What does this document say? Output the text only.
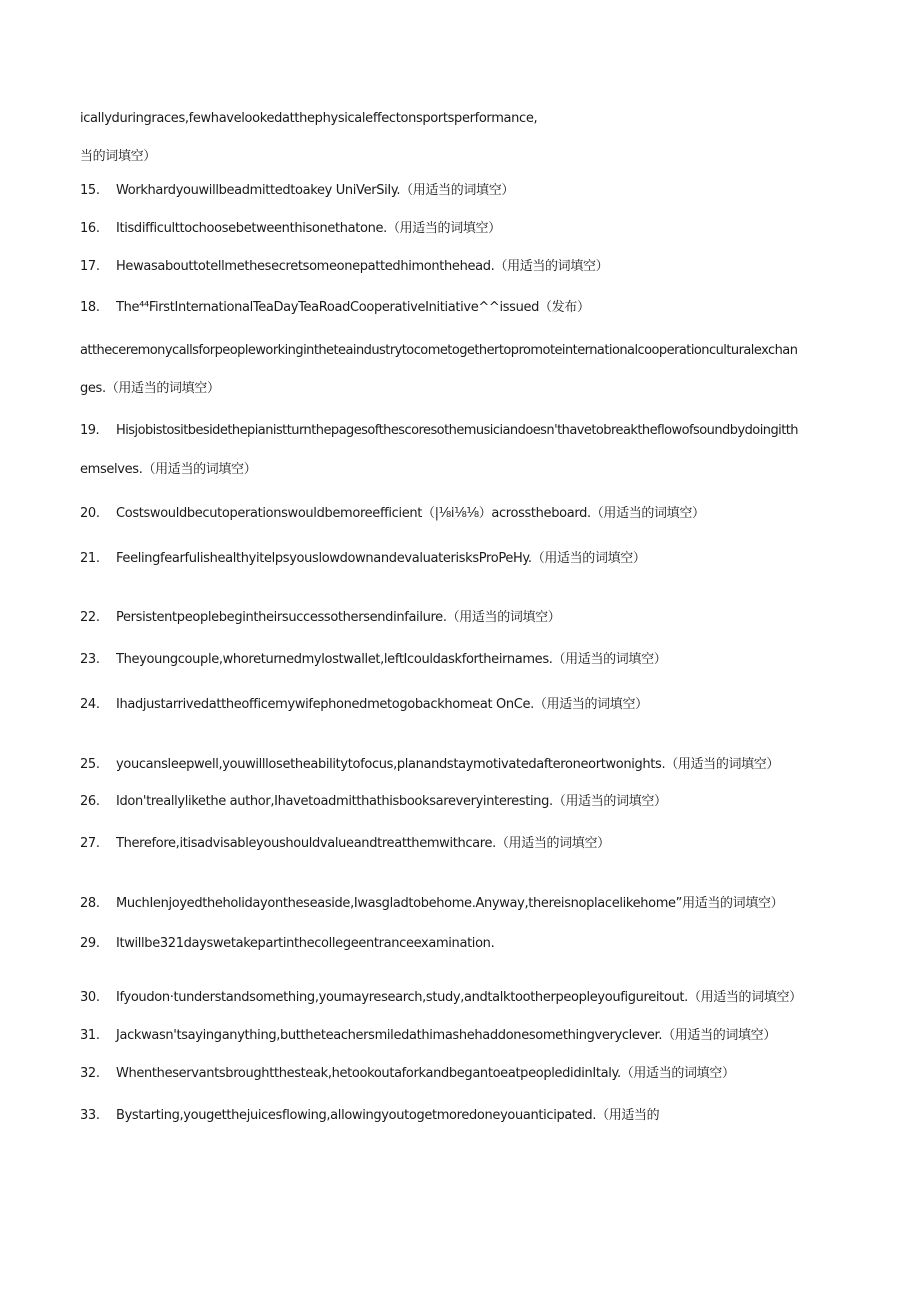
icallyduringraces,fewhavelookedatthephysicaleffectonsportsperformance,
当的词填空）
15. Workhardyouwillbeadmittedtoakey UniVerSiIy.（用适当的词填空）
16. Itisdifficulttochoosebetweenthisonethatone.（用适当的词填空）
17. Hewasabouttotellmethesecretsomeonepattedhimonthehead.（用适当的词填空）
18. The⁴⁴FirstInternationalTeaDayTeaRoadCooperativeInitiative^^issued（发布）
attheceremonycallsforpeopleworkingintheteaindustrytocometogethertopromoteinternationalcooperationculturalexchan
ges.（用适当的词填空）
19. Hisjobistositbesidethepianistturnthepagesofthescoresothemusiciandoesn'thavetobreaktheflowofsoundbydoingitth
emselves.（用适当的词填空）
20. Costswouldbecutoperationswouldbemoreefficient（|⅛i⅛⅛）acrosstheboard.（用适当的词填空）
21. FeelingfearfulishealthyitelpsyouslowdownandevaluaterisksProPeHy.（用适当的词填空）
22. Persistentpeoplebegintheirsuccessothersendinfailure.（用适当的词填空）
23. Theyoungcouple,whoreturnedmylostwallet,leftIcouldaskfortheirnames.（用适当的词填空）
24. Ihadjustarrivedattheofficemywifephonedmetogobackhomeat OnCe.（用适当的词填空）
25. youcansleepwell,youwilllosetheabilitytofocus,planandstaymotivatedafteroneortwonights.（用适当的词填空）
26. Idon'treallylikethe author,Ihavetoadmitthathisbooksareveryinteresting.（用适当的词填空）
27. Therefore,itisadvisableyoushouldvalueandtreatthemwithcare.（用适当的词填空）
28. MuchIenjoyedtheholidayontheseaside,Iwasgladtobehome.Anyway,thereisnoplacelikehome”用适当的词填空）
29. Itwillbe321dayswetakepartinthecollegeentranceexamination.
30. Ifyoudon·tunderstandsomething,youmayresearch,study,andtalktootherpeopleyoufigureitout.（用适当的词填空）
31. Jackwasn'tsayinganything,buttheteachersmiledathimashehaddonesomethingveryclever.（用适当的词填空）
32. Whentheservantsbroughtthesteak,hetookoutaforkandbegantoeatpeopledidinItaly.（用适当的词填空）
33. Bystarting,yougetthejuicesflowing,allowingyoutogetmoredoneyouanticipated.（用适当的
